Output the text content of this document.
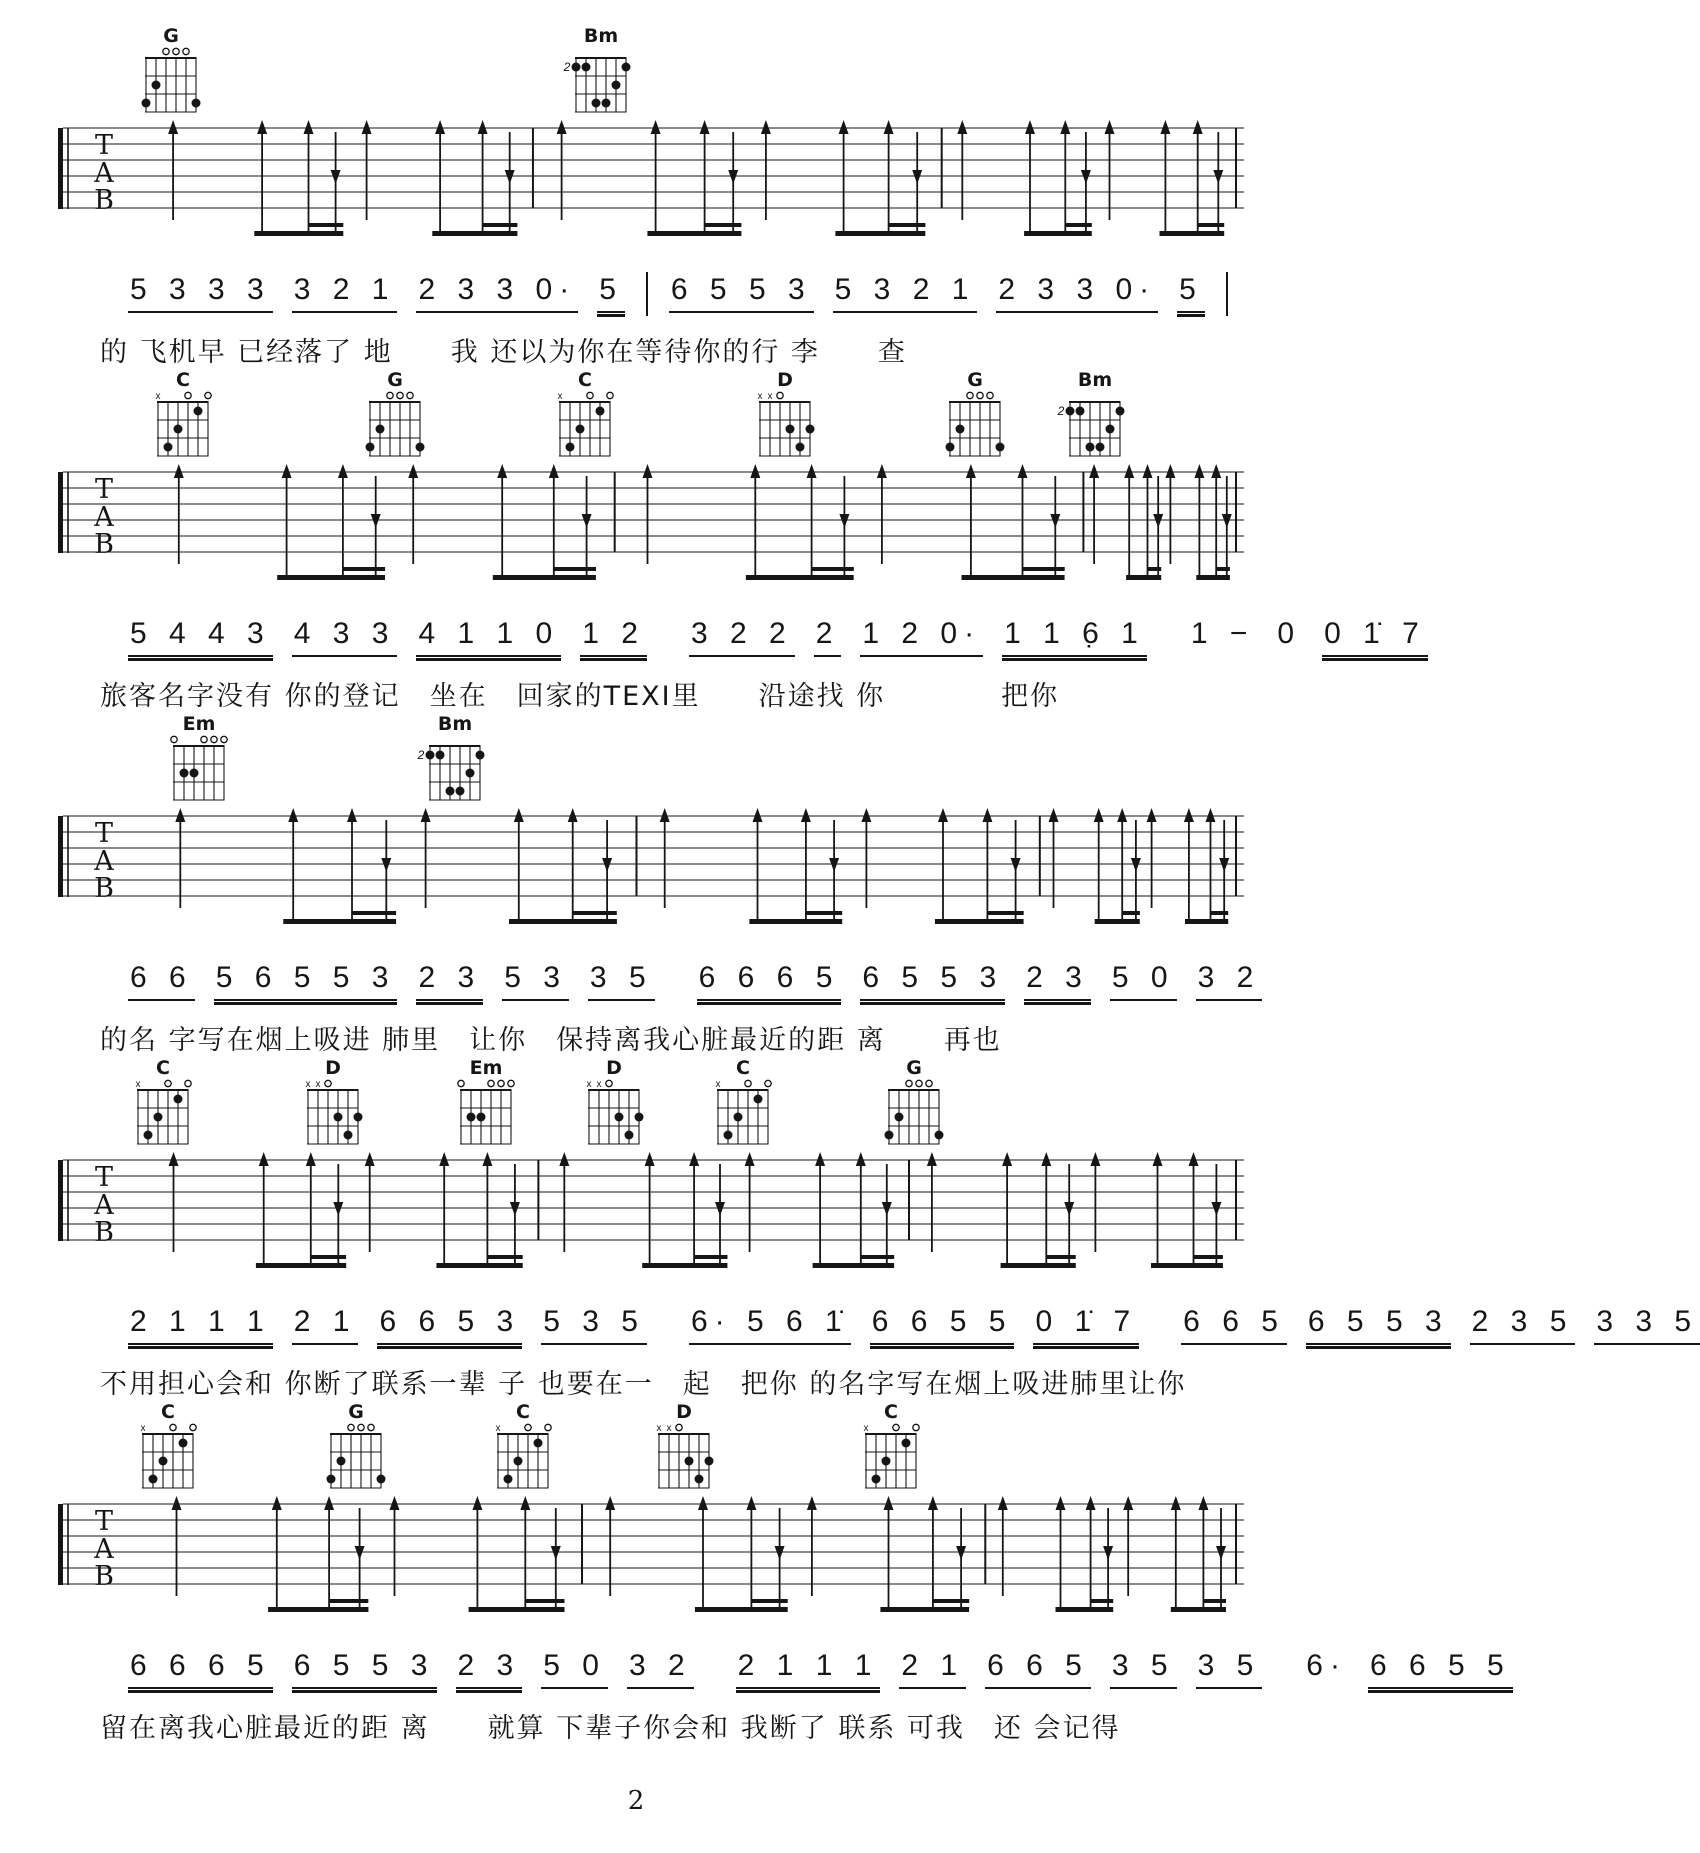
G	Bm
2
T
A
B
5 3 3 3 3 2 1 2 3 3 0· 5 6 5 5 3 5 3 2 1 2 3 3 0· 5
的 飞机早 已经落了 地　　我 还以为你在等待你的行 李　　查
C
x
G	C
x
D
x x
G	Bm
2
T
A
B
5 4 4 3 4 3 3 4 1 1 0 1 2 3 2 2 2 1 2 0· 1 1 6̣ 1 1 − 0 0 1̇ 7
旅客名字没有 你的登记　坐在　回家的TEXI里　　沿途找 你　　　　把你
Em	Bm
2
T
A
B
6 6 5 6 5 5 3 2 3 5 3 3 5 6 6 6 5 6 5 5 3 2 3 5 0 3 2
的名 字写在烟上吸进 肺里　让你　保持离我心脏最近的距 离　　再也
C
x
D
x x
Em	D
x x
C
x
G
T
A
B
2 1 1 1 2 1 6 6 5 3 5 3 5 6· 5 6 1̇ 6 6 5 5 0 1̇ 7 6 6 5 6 5 5 3 2 3 5 3 3 5
不用担心会和 你断了联系一辈 子 也要在一　起　把你 的名字写在烟上吸进肺里让你
C
x
G	C
x
D
x x
C
x
T
A
B
6 6 6 5 6 5 5 3 2 3 5 0 3 2 2 1 1 1 2 1 6 6 5 3 5 3 5 6· 6 6 5 5
留在离我心脏最近的距 离　　就算 下辈子你会和 我断了 联系 可我　还 会记得
2
